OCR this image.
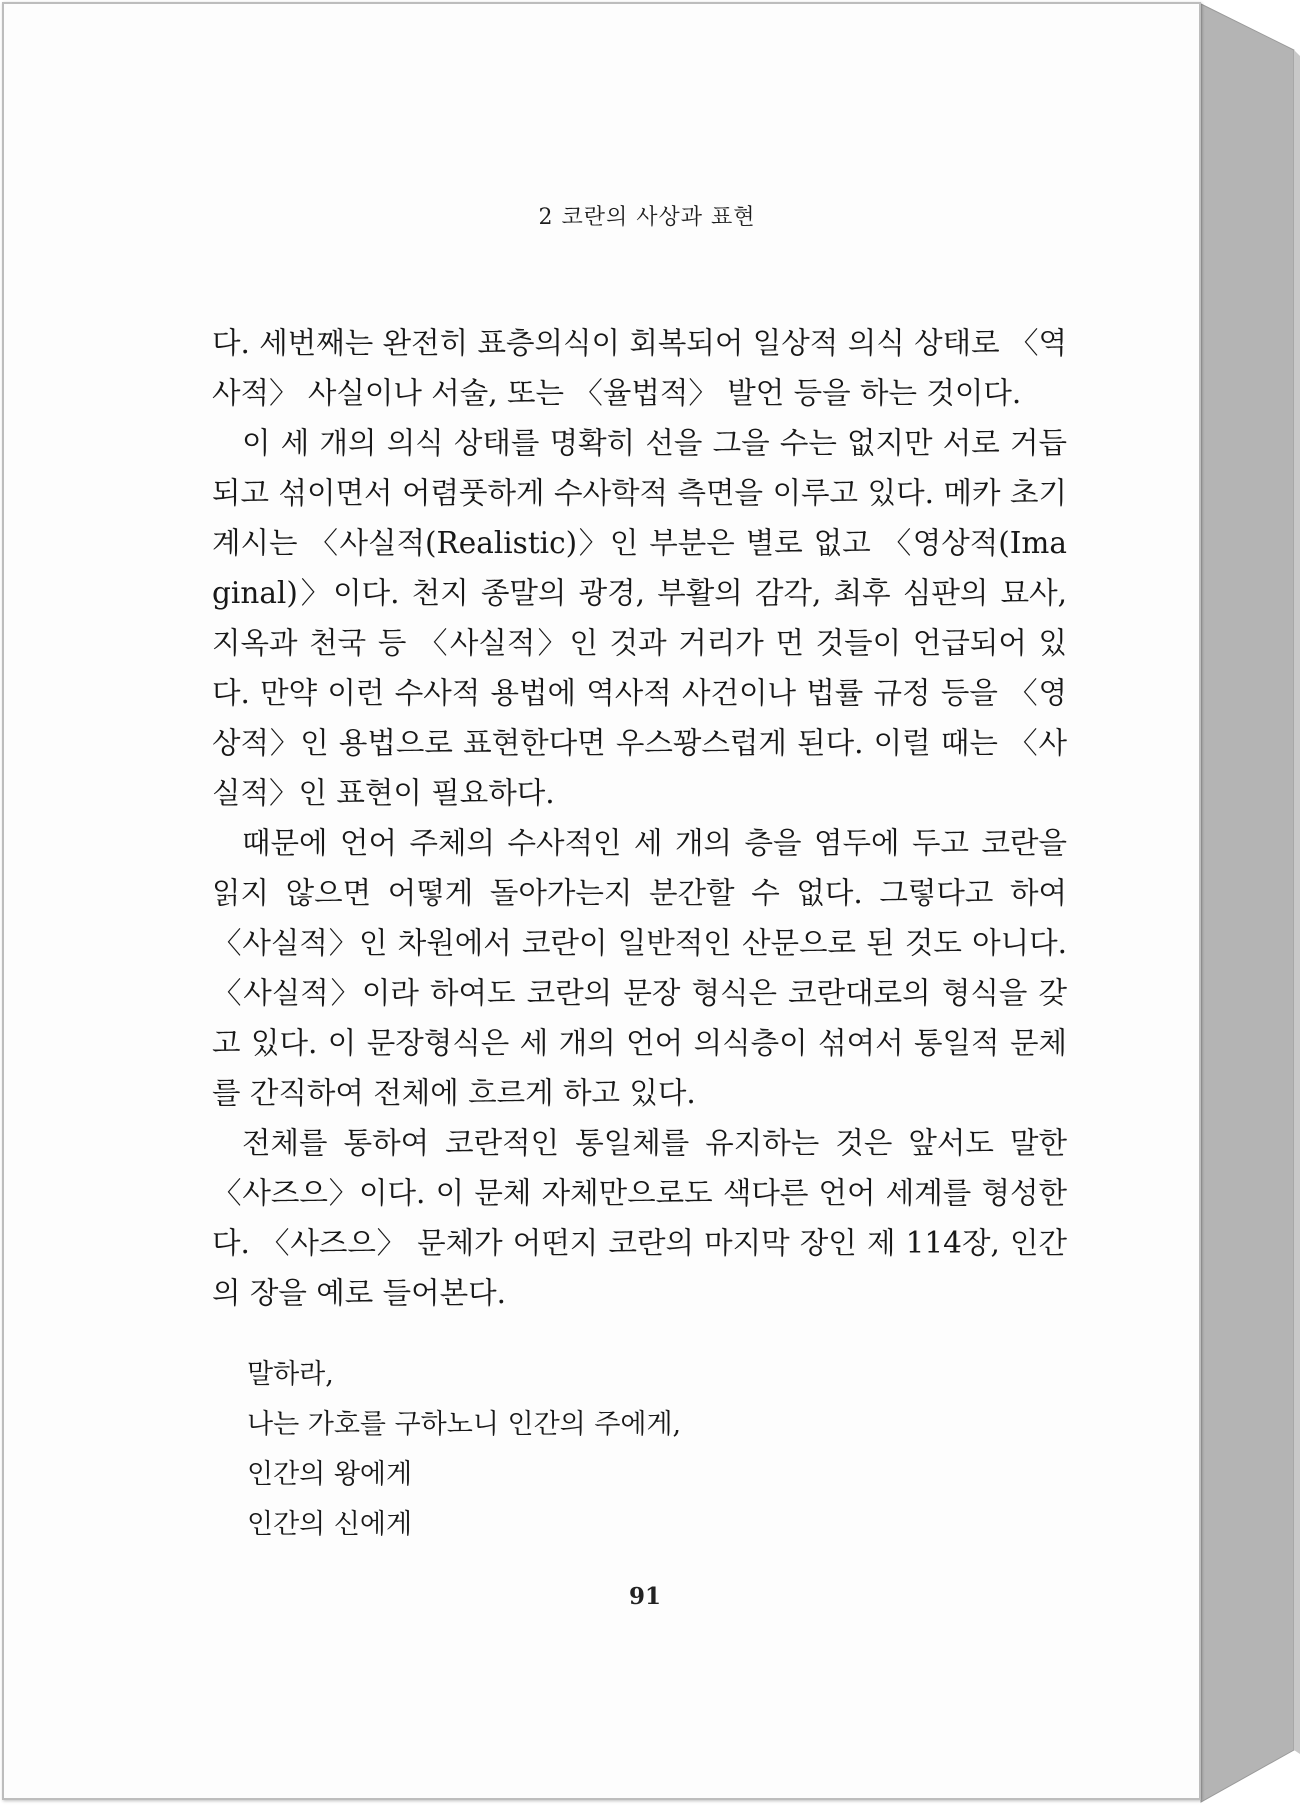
2 코란의 사상과 표현

다. 세번째는 완전히 표층의식이 회복되어 일상적 의식 상태로 〈역사적〉 사실이나 서술, 또는 〈율법적〉 발언 등을 하는 것이다.

이 세 개의 의식 상태를 명확히 선을 그을 수는 없지만 서로 거듭되고 섞이면서 어렴풋하게 수사학적 측면을 이루고 있다. 메카 초기 계시는 〈사실적(Realistic)〉인 부분은 별로 없고 〈영상적(Imaginal)〉이다. 천지 종말의 광경, 부활의 감각, 최후 심판의 묘사, 지옥과 천국 등 〈사실적〉인 것과 거리가 먼 것들이 언급되어 있다. 만약 이런 수사적 용법에 역사적 사건이나 법률 규정 등을 〈영상적〉인 용법으로 표현한다면 우스꽝스럽게 된다. 이럴 때는 〈사실적〉인 표현이 필요하다.

때문에 언어 주체의 수사적인 세 개의 층을 염두에 두고 코란을 읽지 않으면 어떻게 돌아가는지 분간할 수 없다. 그렇다고 하여 〈사실적〉인 차원에서 코란이 일반적인 산문으로 된 것도 아니다. 〈사실적〉이라 하여도 코란의 문장 형식은 코란대로의 형식을 갖고 있다. 이 문장형식은 세 개의 언어 의식층이 섞여서 통일적 문체를 간직하여 전체에 흐르게 하고 있다.

전체를 통하여 코란적인 통일체를 유지하는 것은 앞서도 말한 〈사즈으〉이다. 이 문체 자체만으로도 색다른 언어 세계를 형성한다. 〈사즈으〉 문체가 어떤지 코란의 마지막 장인 제 114장, 인간의 장을 예로 들어본다.

말하라,
나는 가호를 구하노니 인간의 주에게,
인간의 왕에게
인간의 신에게
91
